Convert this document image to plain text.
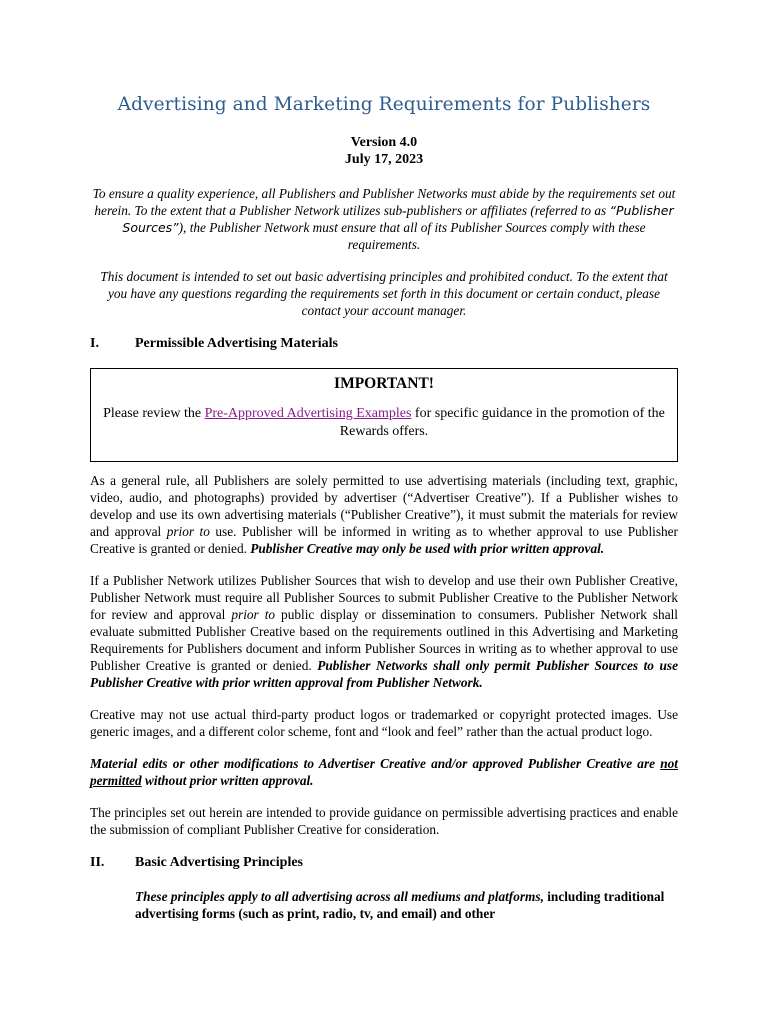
Advertising and Marketing Requirements for Publishers
Version 4.0
July 17, 2023

To ensure a quality experience, all Publishers and Publisher Networks must abide by the requirements set out herein. To the extent that a Publisher Network utilizes sub-publishers or affiliates (referred to as “Publisher Sources”), the Publisher Network must ensure that all of its Publisher Sources comply with these requirements.

This document is intended to set out basic advertising principles and prohibited conduct. To the extent that you have any questions regarding the requirements set forth in this document or certain conduct, please contact your account manager.

I.	Permissible Advertising Materials
IMPORTANT!
Please review the Pre-Approved Advertising Examples for specific guidance in the promotion of the Rewards offers.

As a general rule, all Publishers are solely permitted to use advertising materials (including text, graphic, video, audio, and photographs) provided by advertiser (“Advertiser Creative”). If a Publisher wishes to develop and use its own advertising materials (“Publisher Creative”), it must submit the materials for review and approval prior to use. Publisher will be informed in writing as to whether approval to use Publisher Creative is granted or denied. Publisher Creative may only be used with prior written approval.

If a Publisher Network utilizes Publisher Sources that wish to develop and use their own Publisher Creative, Publisher Network must require all Publisher Sources to submit Publisher Creative to the Publisher Network for review and approval prior to public display or dissemination to consumers. Publisher Network shall evaluate submitted Publisher Creative based on the requirements outlined in this Advertising and Marketing Requirements for Publishers document and inform Publisher Sources in writing as to whether approval to use Publisher Creative is granted or denied. Publisher Networks shall only permit Publisher Sources to use Publisher Creative with prior written approval from Publisher Network.

Creative may not use actual third-party product logos or trademarked or copyright protected images. Use generic images, and a different color scheme, font and “look and feel” rather than the actual product logo.

Material edits or other modifications to Advertiser Creative and/or approved Publisher Creative are not permitted without prior written approval.

The principles set out herein are intended to provide guidance on permissible advertising practices and enable the submission of compliant Publisher Creative for consideration.

II.	Basic Advertising Principles

These principles apply to all advertising across all mediums and platforms, including traditional advertising forms (such as print, radio, tv, and email) and other
